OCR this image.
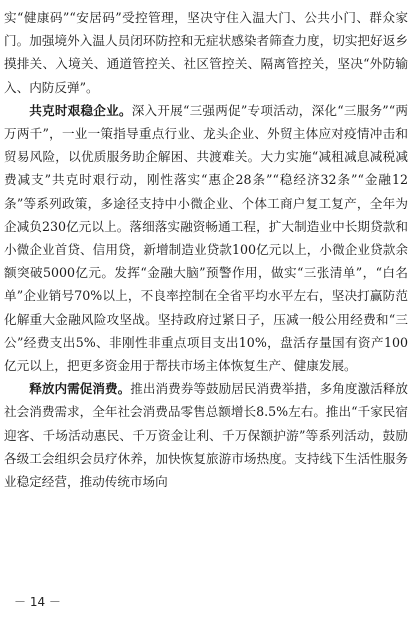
实“健康码”“安居码”受控管理，坚决守住入温大门、公共小门、群众家门。加强境外入温人员闭环防控和无症状感染者筛查力度，切实把好返乡摸排关、入境关、通道管控关、社区管控关、隔离管控关，坚决“外防输入、内防反弹”。

共克时艰稳企业。深入开展“三强两促”专项活动，深化“三服务”“两万两千”，一业一策指导重点行业、龙头企业、外贸主体应对疫情冲击和贸易风险，以优质服务助企解困、共渡难关。大力实施“减租减息减税减费减支”共克时艰行动，刚性落实“惠企28条”“稳经济32条”“金融12条”等系列政策，多途径支持中小微企业、个体工商户复工复产，全年为企减负230亿元以上。落细落实融资畅通工程，扩大制造业中长期贷款和小微企业首贷、信用贷，新增制造业贷款100亿元以上，小微企业贷款余额突破5000亿元。发挥“金融大脑”预警作用，做实“三张清单”，“白名单”企业销号70%以上，不良率控制在全省平均水平左右，坚决打赢防范化解重大金融风险攻坚战。坚持政府过紧日子，压减一般公用经费和“三公”经费支出5%、非刚性非重点项目支出10%，盘活存量国有资产100亿元以上，把更多资金用于帮扶市场主体恢复生产、健康发展。

释放内需促消费。推出消费券等鼓励居民消费举措，多角度激活释放社会消费需求，全年社会消费品零售总额增长8.5%左右。推出“千家民宿迎客、千场活动惠民、千万资金让利、千万保额护游”等系列活动，鼓励各级工会组织会员疗休养，加快恢复旅游市场热度。支持线下生活性服务业稳定经营，推动传统市场向

－ 14 －
